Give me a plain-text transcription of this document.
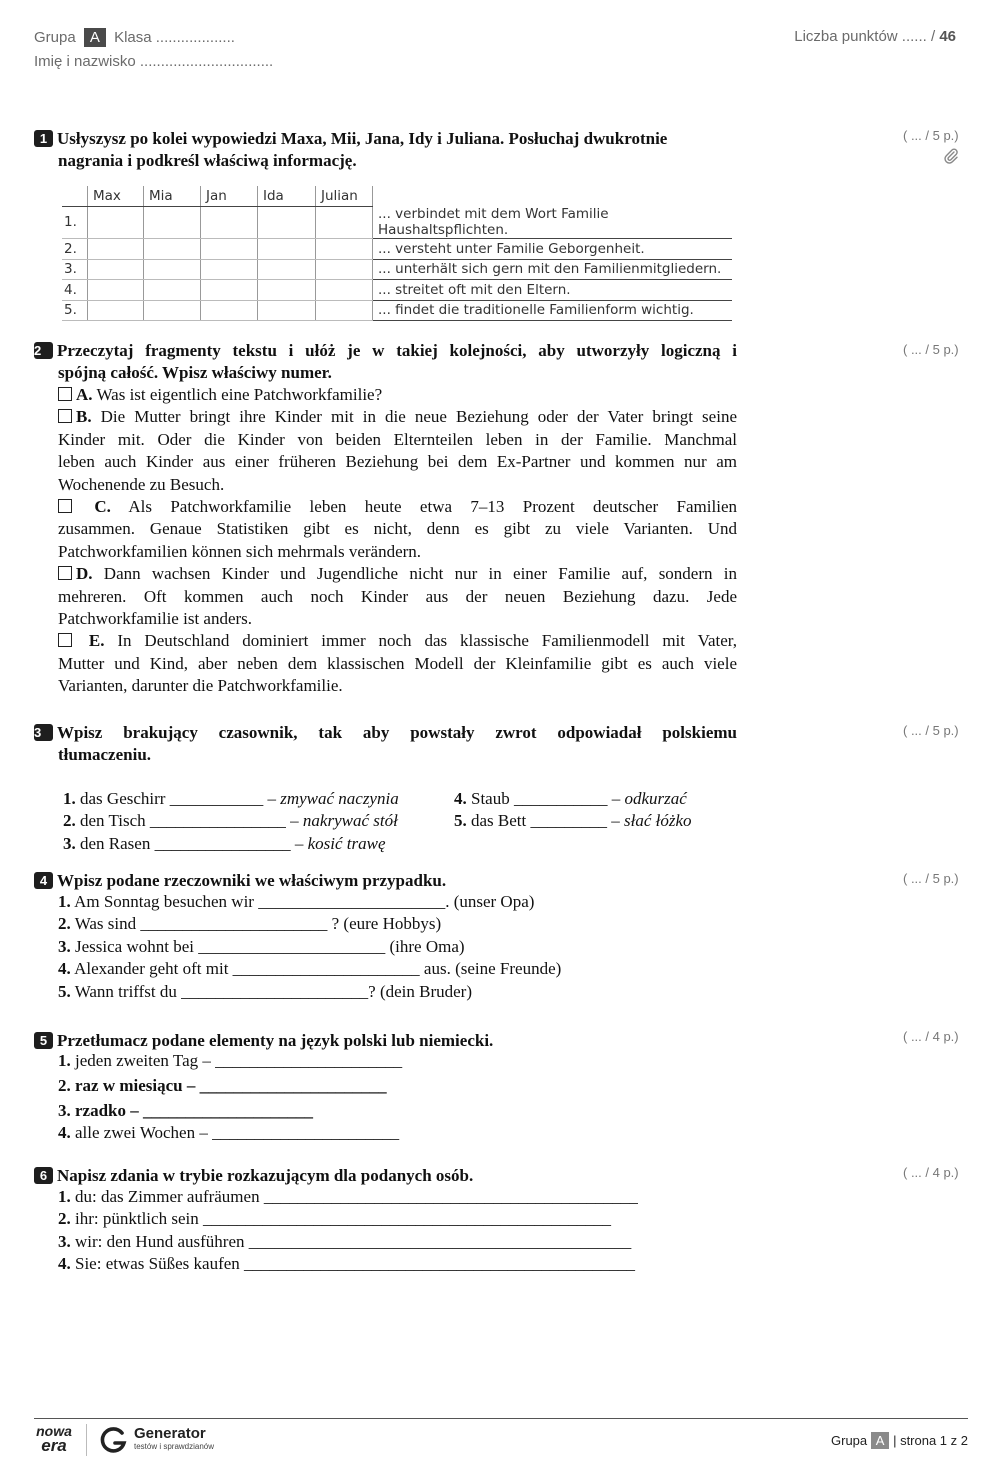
Grupa A Klasa ...................
Imię i nazwisko ................................
Liczba punktów ...... / 46
1 Usłyszysz po kolei wypowiedzi Maxa, Mii, Jana, Idy i Juliana. Posłuchaj dwukrotnie
nagrania i podkreśl właściwą informację.
( ... / 5 p.)
	Max	Mia	Jan	Ida	Julian	
1.						... verbindet mit dem Wort Familie Haushaltspflichten.
2.						... versteht unter Familie Geborgenheit.
3.						... unterhält sich gern mit den Familienmitgliedern.
4.						... streitet oft mit den Eltern.
5.						... findet die traditionelle Familienform wichtig.
2 Przeczytaj fragmenty tekstu i ułóż je w takiej kolejności, aby utworzyły logiczną i
spójną całość. Wpisz właściwy numer.
( ... / 5 p.)
A. Was ist eigentlich eine Patchworkfamilie?
B. Die Mutter bringt ihre Kinder mit in die neue Beziehung oder der Vater bringt seine
Kinder mit. Oder die Kinder von beiden Elternteilen leben in der Familie. Manchmal
leben auch Kinder aus einer früheren Beziehung bei dem Ex-Partner und kommen nur am
Wochenende zu Besuch.
C. Als Patchworkfamilie leben heute etwa 7–13 Prozent deutscher Familien
zusammen. Genaue Statistiken gibt es nicht, denn es gibt zu viele Varianten. Und
Patchworkfamilien können sich mehrmals verändern.
D. Dann wachsen Kinder und Jugendliche nicht nur in einer Familie auf, sondern in
mehreren. Oft kommen auch noch Kinder aus der neuen Beziehung dazu. Jede
Patchworkfamilie ist anders.
E. In Deutschland dominiert immer noch das klassische Familienmodell mit Vater,
Mutter und Kind, aber neben dem klassischen Modell der Kleinfamilie gibt es auch viele
Varianten, darunter die Patchworkfamilie.
3 Wpisz brakujący czasownik, tak aby powstały zwrot odpowiadał polskiemu
tłumaczeniu.
( ... / 5 p.)
1. das Geschirr ___________ – zmywać naczynia
2. den Tisch ________________ – nakrywać stół
3. den Rasen ________________ – kosić trawę
4. Staub ___________ – odkurzać
5. das Bett _________ – słać łóżko
4 Wpisz podane rzeczowniki we właściwym przypadku.	( ... / 5 p.)
1. Am Sonntag besuchen wir ______________________. (unser Opa)
2. Was sind ______________________ ? (eure Hobbys)
3. Jessica wohnt bei ______________________ (ihre Oma)
4. Alexander geht oft mit ______________________ aus. (seine Freunde)
5. Wann triffst du ______________________? (dein Bruder)
5 Przetłumacz podane elementy na język polski lub niemiecki.	( ... / 4 p.)
1. jeden zweiten Tag – ______________________
2. raz w miesiącu – ______________________
3. rzadko – ____________________
4. alle zwei Wochen – ______________________
6 Napisz zdania w trybie rozkazującym dla podanych osób.	( ... / 4 p.)
1. du: das Zimmer aufräumen ____________________________________________
2. ihr: pünktlich sein ________________________________________________
3. wir: den Hund ausführen _____________________________________________
4. Sie: etwas Süßes kaufen ______________________________________________
nowa
era
Generator
testów i sprawdzianów	Grupa A | strona 1 z 2
